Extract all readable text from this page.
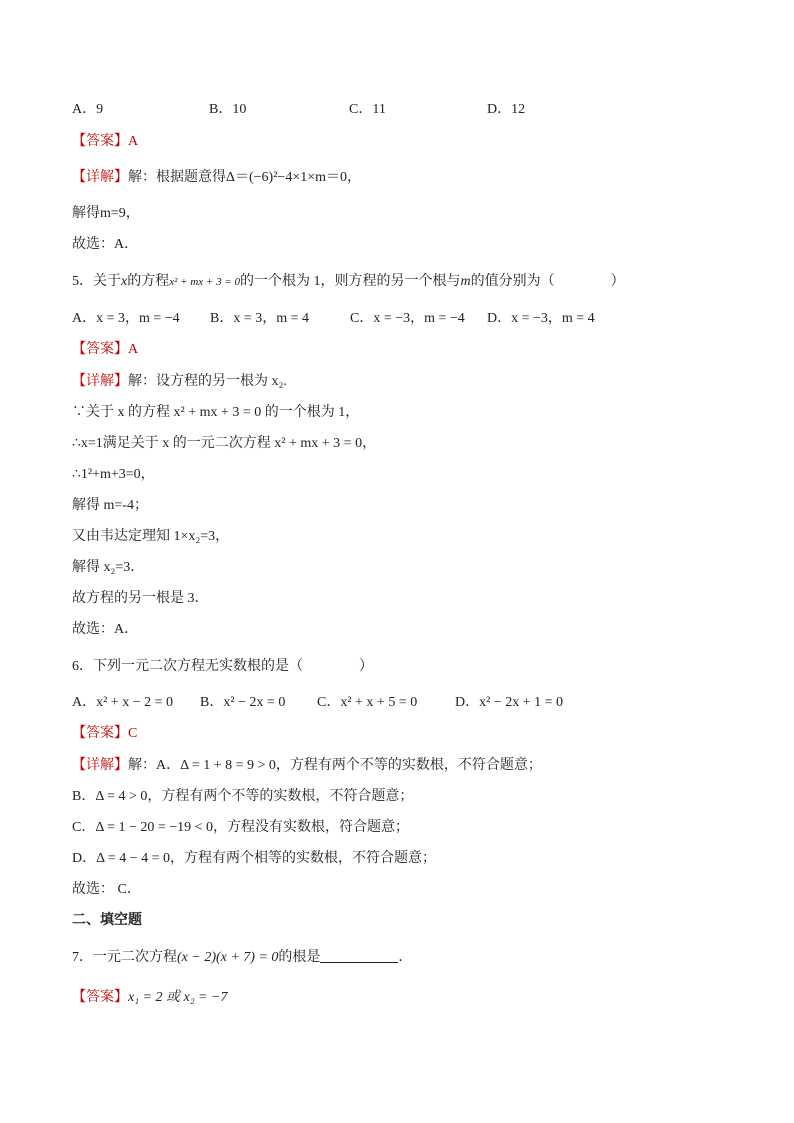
A．9	B．10	C．11	D．12
【答案】A
【详解】解：根据题意得Δ＝(−6)²−4×1×m＝0，
解得m=9，
故选：A．
5．关于x的方程x² + mx + 3 = 0的一个根为 1，则方程的另一个根与m的值分别为（　　　　）
A．x = 3，m = −4 B．x = 3，m = 4	C．x = −3，m = −4 D．x = −3，m = 4
【答案】A
【详解】解：设方程的另一根为 x₂.
∵关于 x 的方程 x² + mx + 3 = 0 的一个根为 1，
∴x=1满足关于 x 的一元二次方程 x² + mx + 3 = 0，
∴1²+m+3=0，
解得 m=-4；
又由韦达定理知 1×x₂=3，
解得 x₂=3．
故方程的另一根是 3．
故选：A．
6．下列一元二次方程无实数根的是（　　　　）
A．x² + x − 2 = 0 B．x² − 2x = 0 C．x² + x + 5 = 0	D．x² − 2x + 1 = 0
【答案】C
【详解】解：A．Δ = 1 + 8 = 9 > 0，方程有两个不等的实数根，不符合题意；
B．Δ = 4 > 0，方程有两个不等的实数根，不符合题意；
C．Δ = 1 − 20 = −19 < 0，方程没有实数根，符合题意；
D．Δ = 4 − 4 = 0，方程有两个相等的实数根，不符合题意；
故选： C．
二、填空题
7．一元二次方程(x − 2)(x + 7) = 0的根是	．
【答案】x₁ = 2 或 x₂ = −7
